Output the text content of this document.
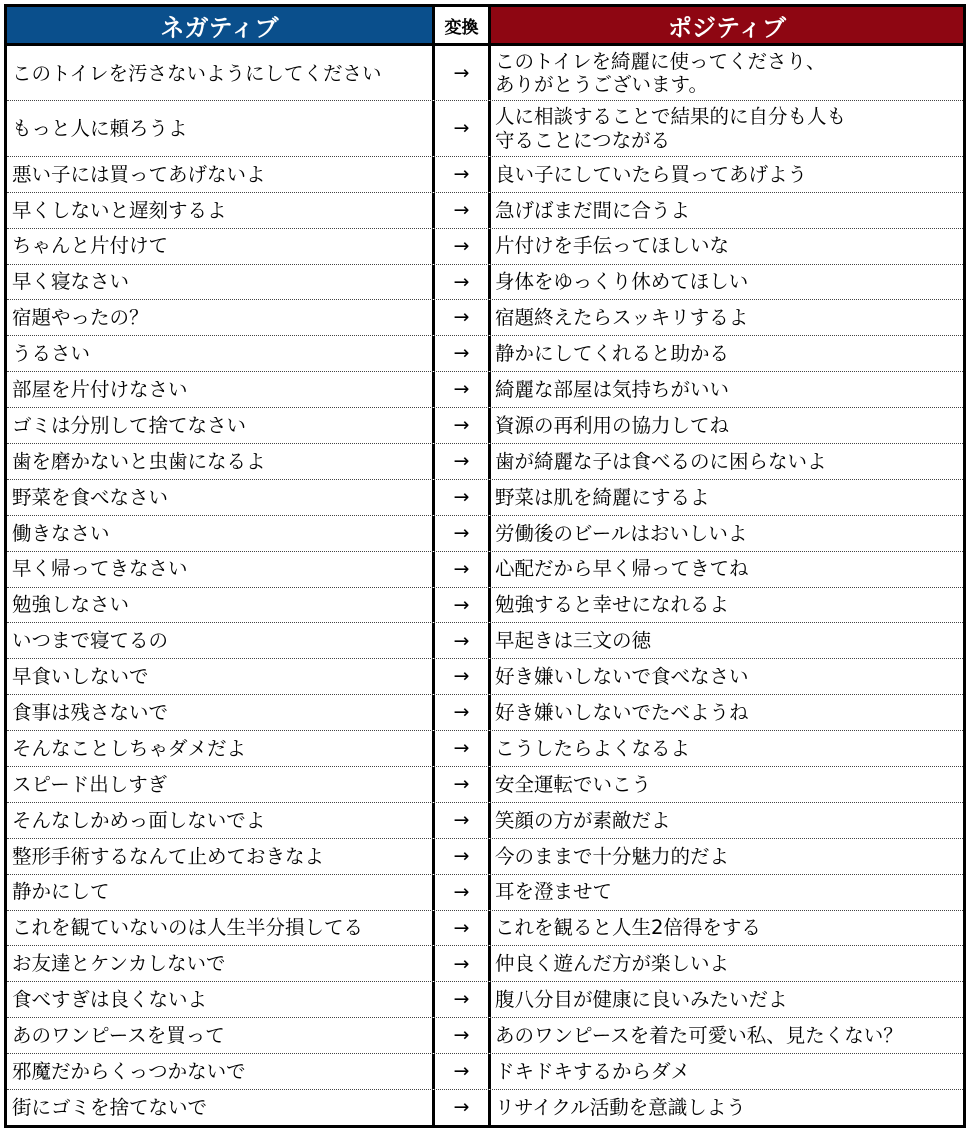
ネガティブ	変換	ポジティブ
このトイレを汚さないようにしてください	→	このトイレを綺麗に使ってくださり、
ありがとうございます。
もっと人に頼ろうよ	→	人に相談することで結果的に自分も人も
守ることにつながる
悪い子には買ってあげないよ	→	良い子にしていたら買ってあげよう
早くしないと遅刻するよ	→	急げばまだ間に合うよ
ちゃんと片付けて	→	片付けを手伝ってほしいな
早く寝なさい	→	身体をゆっくり休めてほしい
宿題やったの？	→	宿題終えたらスッキリするよ
うるさい	→	静かにしてくれると助かる
部屋を片付けなさい	→	綺麗な部屋は気持ちがいい
ゴミは分別して捨てなさい	→	資源の再利用の協力してね
歯を磨かないと虫歯になるよ	→	歯が綺麗な子は食べるのに困らないよ
野菜を食べなさい	→	野菜は肌を綺麗にするよ
働きなさい	→	労働後のビールはおいしいよ
早く帰ってきなさい	→	心配だから早く帰ってきてね
勉強しなさい	→	勉強すると幸せになれるよ
いつまで寝てるの	→	早起きは三文の徳
早食いしないで	→	好き嫌いしないで食べなさい
食事は残さないで	→	好き嫌いしないでたべようね
そんなことしちゃダメだよ	→	こうしたらよくなるよ
スピード出しすぎ	→	安全運転でいこう
そんなしかめっ面しないでよ	→	笑顔の方が素敵だよ
整形手術するなんて止めておきなよ	→	今のままで十分魅力的だよ
静かにして	→	耳を澄ませて
これを観ていないのは人生半分損してる	→	これを観ると人生2倍得をする
お友達とケンカしないで	→	仲良く遊んだ方が楽しいよ
食べすぎは良くないよ	→	腹八分目が健康に良いみたいだよ
あのワンピースを買って	→	あのワンピースを着た可愛い私、見たくない？
邪魔だからくっつかないで	→	ドキドキするからダメ
街にゴミを捨てないで	→	リサイクル活動を意識しよう
